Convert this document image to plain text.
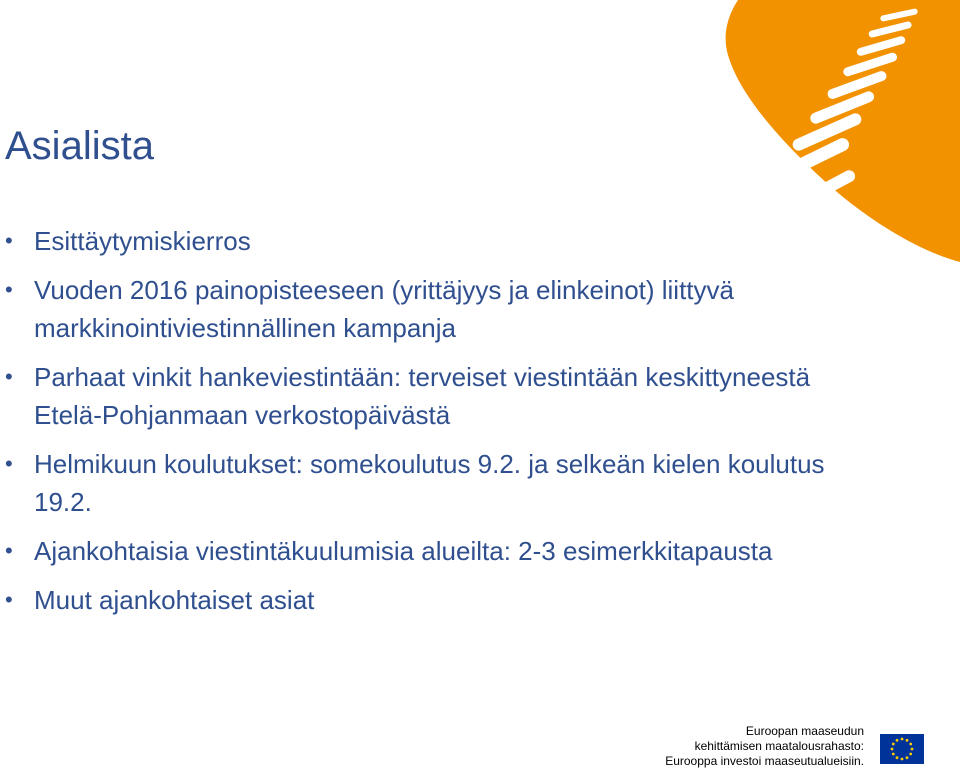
Asialista
• Esittäytymiskierros
• Vuoden 2016 painopisteeseen (yrittäjyys ja elinkeinot) liittyvä markkinointiviestinnällinen kampanja
• Parhaat vinkit hankeviestintään: terveiset viestintään keskittyneestä Etelä-Pohjanmaan verkostopäivästä
• Helmikuun koulutukset: somekoulutus 9.2. ja selkeän kielen koulutus 19.2.
• Ajankohtaisia viestintäkuulumisia alueilta: 2-3 esimerkkitapausta
• Muut ajankohtaiset asiat
Euroopan maaseudun
kehittämisen maatalousrahasto:
Eurooppa investoi maaseutualueisiin.
